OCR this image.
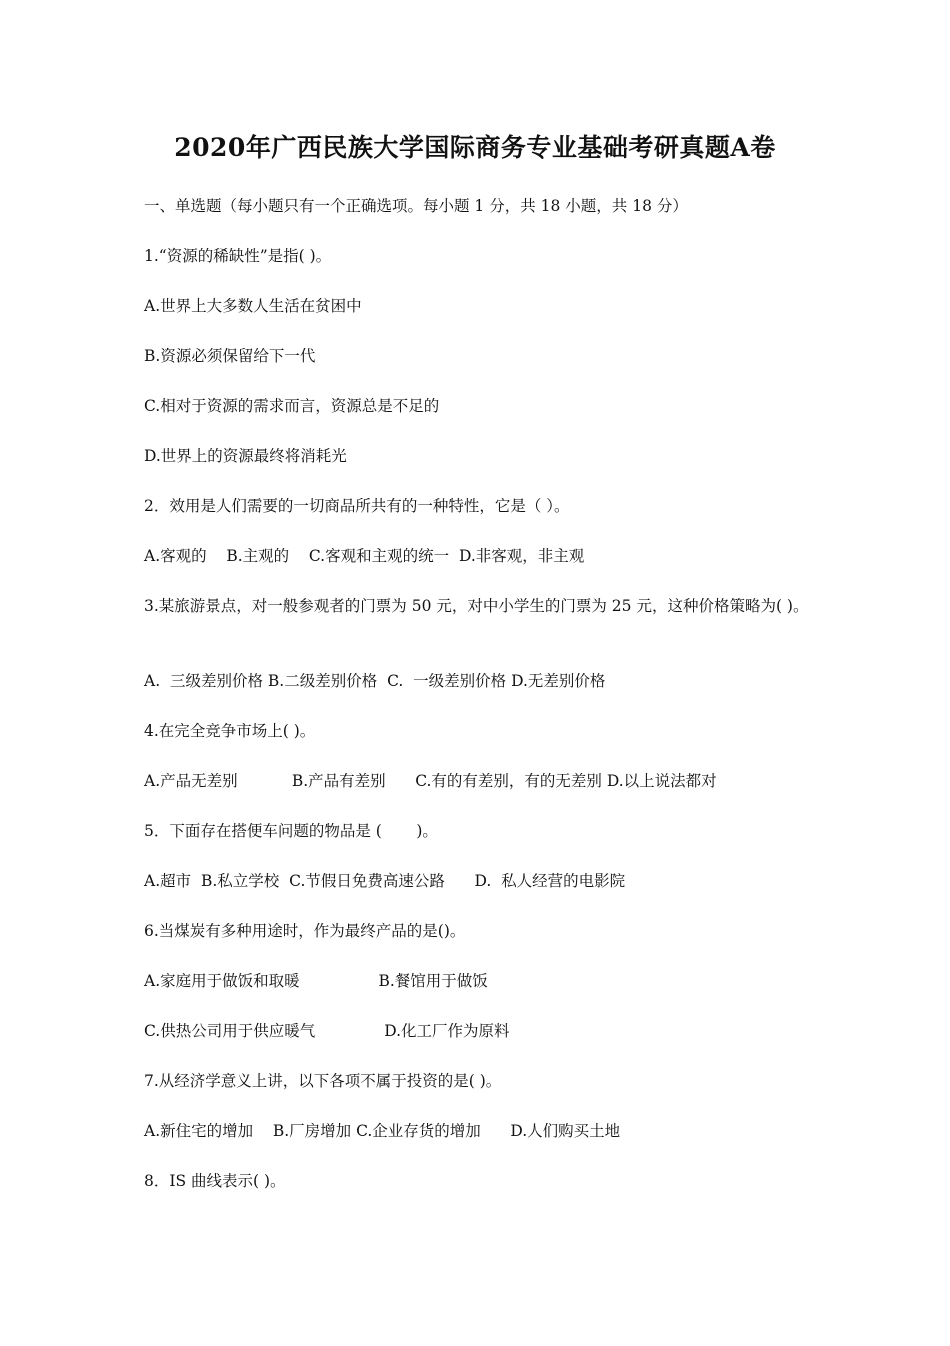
2020年广西民族大学国际商务专业基础考研真题A卷
一、单选题（每小题只有一个正确选项。每小题 1 分，共 18 小题，共 18 分）
1.“资源的稀缺性”是指( )。
A.世界上大多数人生活在贫困中
B.资源必须保留给下一代
C.相对于资源的需求而言，资源总是不足的
D.世界上的资源最终将消耗光
2．效用是人们需要的一切商品所共有的一种特性，它是（ ）。
A.客观的    B.主观的    C.客观和主观的统一  D.非客观，非主观
3.某旅游景点，对一般参观者的门票为 50 元，对中小学生的门票为 25 元，这种价格策略为( )。
A.  三级差别价格 B.二级差别价格  C.  一级差别价格 D.无差别价格
4.在完全竞争市场上( )。
A.产品无差别           B.产品有差别      C.有的有差别，有的无差别 D.以上说法都对
5．下面存在搭便车问题的物品是 (       )。
A.超市  B.私立学校  C.节假日免费高速公路      D.  私人经营的电影院
6.当煤炭有多种用途时，作为最终产品的是()。
A.家庭用于做饭和取暖                B.餐馆用于做饭
C.供热公司用于供应暖气              D.化工厂作为原料
7.从经济学意义上讲，以下各项不属于投资的是( )。
A.新住宅的增加    B.厂房增加 C.企业存货的增加      D.人们购买土地
8．IS 曲线表示( )。
